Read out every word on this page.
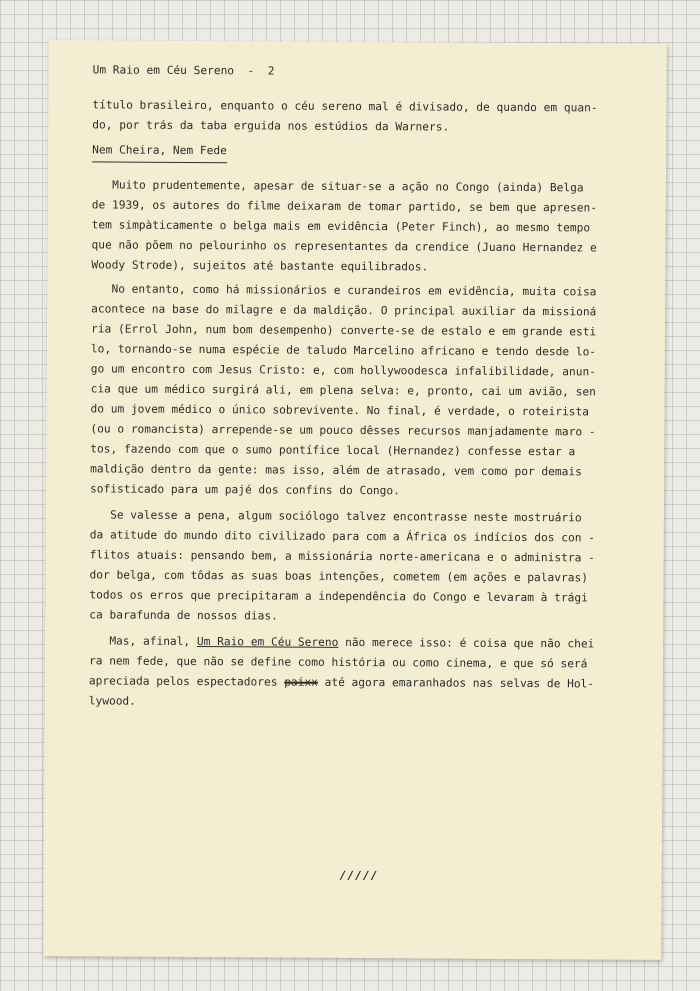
Um Raio em Céu Sereno  -  2
título brasileiro, enquanto o céu sereno mal é divisado, de quando em quan-
do, por trás da taba erguida nos estúdios da Warners.
Nem Cheira, Nem Fede
Muito prudentemente, apesar de situar-se a ação no Congo (ainda) Belga
de 1939, os autores do filme deixaram de tomar partido, se bem que apresen-
tem simpàticamente o belga mais em evidência (Peter Finch), ao mesmo tempo
que não põem no pelourinho os representantes da crendice (Juano Hernandez e
Woody Strode), sujeitos até bastante equilibrados.
No entanto, como há missionários e curandeiros em evidência, muita coisa
acontece na base do milagre e da maldição. O principal auxiliar da missioná
ria (Errol John, num bom desempenho) converte-se de estalo e em grande esti
lo, tornando-se numa espécie de taludo Marcelino africano e tendo desde lo-
go um encontro com Jesus Cristo: e, com hollywoodesca infalibilidade, anun-
cia que um médico surgirá ali, em plena selva: e, pronto, cai um avião, sen
do um jovem médico o único sobrevivente. No final, é verdade, o roteirista
(ou o romancista) arrepende-se um pouco dêsses recursos manjadamente maro -
tos, fazendo com que o sumo pontífice local (Hernandez) confesse estar a
maldição dentro da gente: mas isso, além de atrasado, vem como por demais
sofisticado para um pajé dos confins do Congo.
Se valesse a pena, algum sociólogo talvez encontrasse neste mostruário
da atitude do mundo dito civilizado para com a África os indícios dos con -
flitos atuais: pensando bem, a missionária norte-americana e o administra -
dor belga, com tôdas as suas boas intenções, cometem (em ações e palavras)
todos os erros que precipitaram a independência do Congo e levaram à trági
ca barafunda de nossos dias.
Mas, afinal, Um Raio em Céu Sereno não merece isso: é coisa que não chei
ra nem fede, que não se define como história ou como cinema, e que só será
apreciada pelos espectadores paixx até agora emaranhados nas selvas de Hol-
lywood.
/////
